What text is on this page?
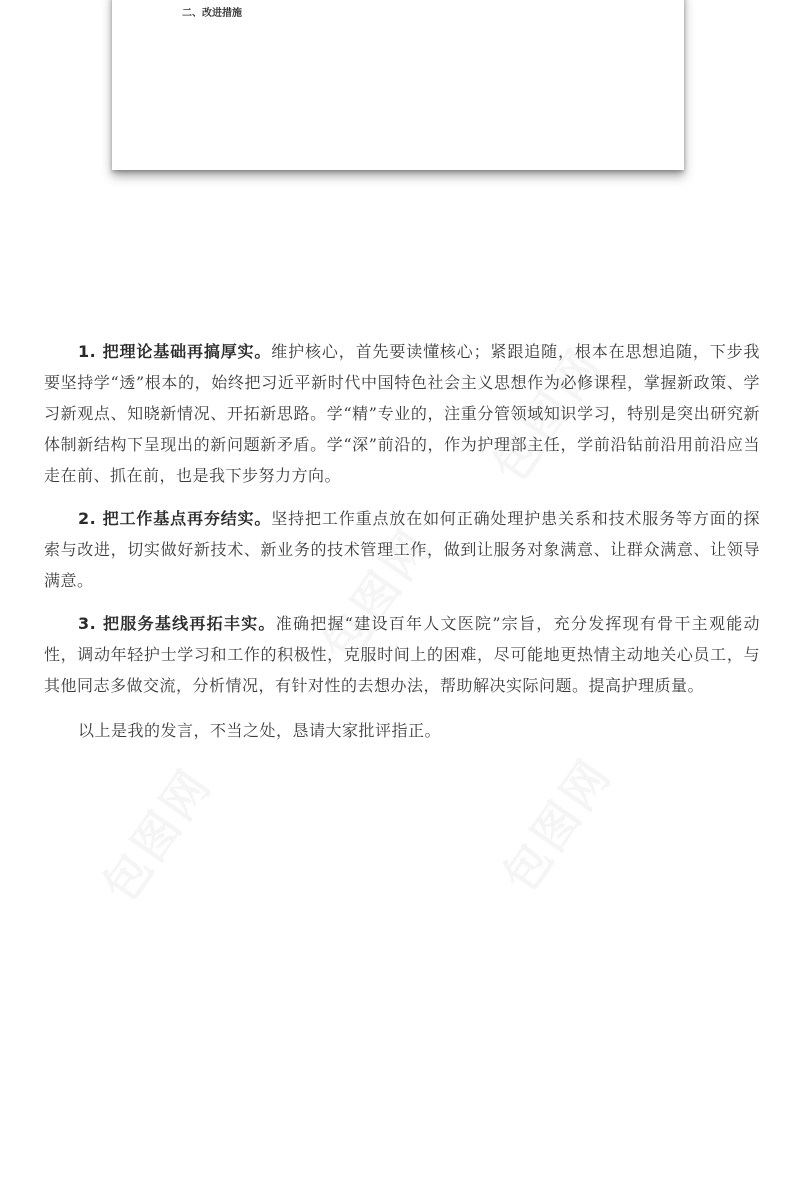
二、改进措施
包图网
包图网
包图网
包图网

1. 把理论基础再搞厚实。维护核心，首先要读懂核心；紧跟追随，根本在思想追随，下步我要坚持学“透”根本的，始终把习近平新时代中国特色社会主义思想作为必修课程，掌握新政策、学习新观点、知晓新情况、开拓新思路。学“精”专业的，注重分管领域知识学习，特别是突出研究新体制新结构下呈现出的新问题新矛盾。学“深”前沿的，作为护理部主任，学前沿钻前沿用前沿应当走在前、抓在前，也是我下步努力方向。

2. 把工作基点再夯结实。坚持把工作重点放在如何正确处理护患关系和技术服务等方面的探索与改进，切实做好新技术、新业务的技术管理工作，做到让服务对象满意、让群众满意、让领导满意。

3. 把服务基线再拓丰实。准确把握“建设百年人文医院”宗旨，充分发挥现有骨干主观能动性，调动年轻护士学习和工作的积极性，克服时间上的困难，尽可能地更热情主动地关心员工，与其他同志多做交流，分析情况，有针对性的去想办法，帮助解决实际问题。提高护理质量。

以上是我的发言，不当之处，恳请大家批评指正。
